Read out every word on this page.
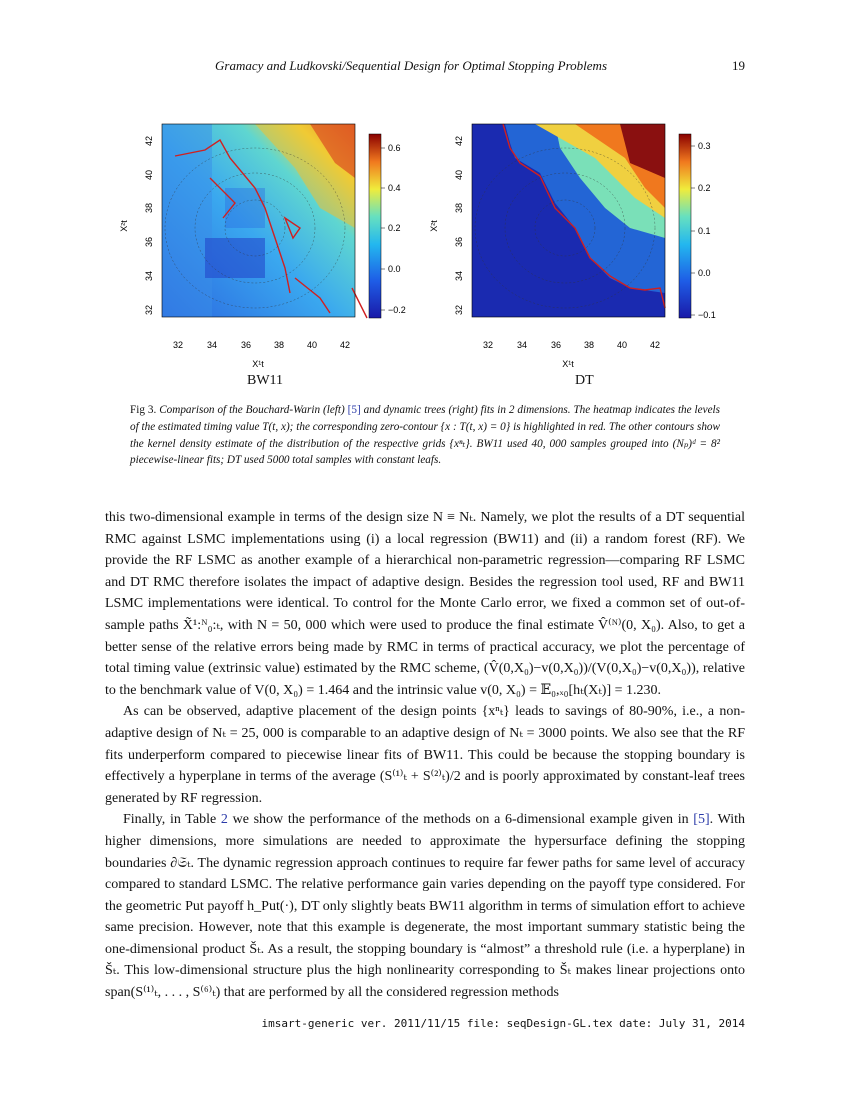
Gramacy and Ludkovski/Sequential Design for Optimal Stopping Problems	19
32
34
36
38
40
42
32	34	36	38	40	42
X¹t
X²t
0.6
0.4
0.2
0.0
−0.2	32
34
36
38
40
42
32	34	36	38	40	42
X¹t
X²t
0.3
0.2
0.1
0.0
−0.1
BW11	DT
Fig 3. Comparison of the Bouchard-Warin (left) [5] and dynamic trees (right) fits in 2 dimensions. The heatmap indicates the levels of the estimated timing value T(t, x); the corresponding zero-contour {x : T(t, x) = 0} is highlighted in red. The other contours show the kernel density estimate of the distribution of the respective grids {xⁿₜ}. BW11 used 40, 000 samples grouped into (Nₚ)ᵈ = 8² piecewise-linear fits; DT used 5000 total samples with constant leafs.

this two-dimensional example in terms of the design size N ≡ Nₜ. Namely, we plot the results of a DT sequential RMC against LSMC implementations using (i) a local regression (BW11) and (ii) a random forest (RF). We provide the RF LSMC as another example of a hierarchical non-parametric regression—comparing RF LSMC and DT RMC therefore isolates the impact of adaptive design. Besides the regression tool used, RF and BW11 LSMC implementations were identical. To control for the Monte Carlo error, we fixed a common set of out-of-sample paths X̃¹:ᴺ₀:ₜ, with N = 50, 000 which were used to produce the final estimate V̂⁽ᴺ⁾(0, X₀). Also, to get a better sense of the relative errors being made by RMC in terms of practical accuracy, we plot the percentage of total timing value (extrinsic value) estimated by the RMC scheme, (V̂(0,X₀)−v(0,X₀))/(V(0,X₀)−v(0,X₀)), relative to the benchmark value of V(0, X₀) = 1.464 and the intrinsic value v(0, X₀) = 𝔼₀,ₓ₀[hₜ(Xₜ)] = 1.230.

As can be observed, adaptive placement of the design points {xⁿₜ} leads to savings of 80-90%, i.e., a non-adaptive design of Nₜ = 25, 000 is comparable to an adaptive design of Nₜ = 3000 points. We also see that the RF fits underperform compared to piecewise linear fits of BW11. This could be because the stopping boundary is effectively a hyperplane in terms of the average (S⁽¹⁾ₜ + S⁽²⁾ₜ)/2 and is poorly approximated by constant-leaf trees generated by RF regression.

Finally, in Table 2 we show the performance of the methods on a 6-dimensional example given in [5]. With higher dimensions, more simulations are needed to approximate the hypersurface defining the stopping boundaries ∂𝔖ₜ. The dynamic regression approach continues to require far fewer paths for same level of accuracy compared to standard LSMC. The relative performance gain varies depending on the payoff type considered. For the geometric Put payoff h_Put(·), DT only slightly beats BW11 algorithm in terms of simulation effort to achieve same precision. However, note that this example is degenerate, the most important summary statistic being the one-dimensional product Šₜ. As a result, the stopping boundary is “almost” a threshold rule (i.e. a hyperplane) in Šₜ. This low-dimensional structure plus the high nonlinearity corresponding to Šₜ makes linear projections onto span(S⁽¹⁾ₜ, . . . , S⁽⁶⁾ₜ) that are performed by all the considered regression methods

imsart-generic ver. 2011/11/15 file: seqDesign-GL.tex date: July 31, 2014
